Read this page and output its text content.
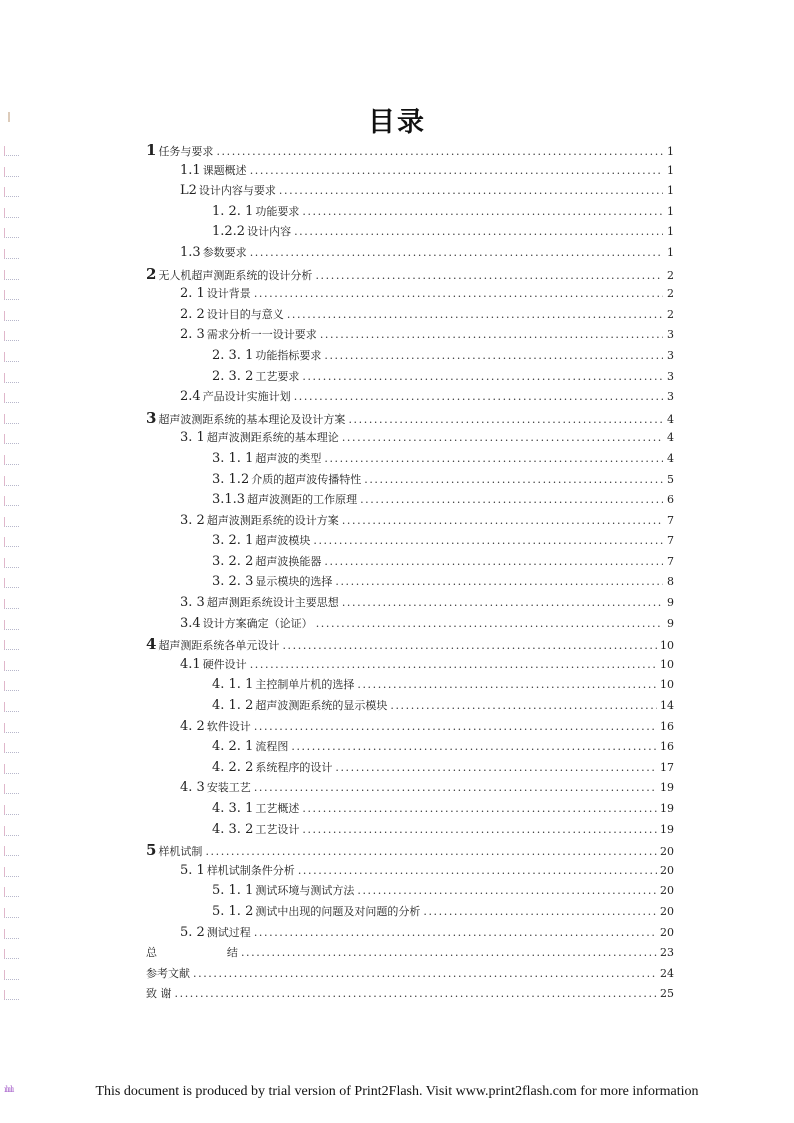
目录
1 任务与要求 .....	1
1.1 课题概述 .....	1
L2 设计内容与要求 .....	1
1. 2. 1 功能要求 .....	1
1.2.2 设计内容 .....	1
1.3 参数要求 .....	1
2 无人机超声测距系统的设计分析 .....	2
2. 1 设计背景 .....	2
2. 2 设计目的与意义 .....	2
2. 3 需求分析一一设计要求 .....	3
2. 3. 1 功能指标要求 .....	3
2. 3. 2 工艺要求 .....	3
2.4 产品设计实施计划 .....	3
3 超声波测距系统的基本理论及设计方案 .....	4
3. 1 超声波测距系统的基本理论 .....	4
3. 1. 1 超声波的类型 .....	4
3. 1.2 介质的超声波传播特性 .....	5
3.1.3 超声波测距的工作原理 .....	6
3. 2 超声波测距系统的设计方案 .....	7
3. 2. 1 超声波模块 .....	7
3. 2. 2 超声波换能器 .....	7
3. 2. 3 显示模块的选择 .....	8
3. 3 超声测距系统设计主要思想 .....	9
3.4 设计方案确定（论证） .....	9
4 超声测距系统各单元设计 .....	10
4.1 硬件设计 .....	10
4. 1. 1 主控制单片机的选择 .....	10
4. 1. 2 超声波测距系统的显示模块 .....	14
4. 2 软件设计 .....	16
4. 2. 1 流程图 .....	16
4. 2. 2 系统程序的设计 .....	17
4. 3 安装工艺 .....	19
4. 3. 1 工艺概述 .....	19
4. 3. 2 工艺设计 .....	19
5 样机试制 .....	20
5. 1 样机试制条件分析 .....	20
5. 1. 1 测试环境与测试方法 .....	20
5. 1. 2 测试中出现的问题及对问题的分析 .....	20
5. 2 测试过程 .....	20
总                    结 .....	23
参考文献 .....	24
致 谢 .....	25
ılıılı	This document is produced by trial version of Print2Flash. Visit www.print2flash.com for more information
